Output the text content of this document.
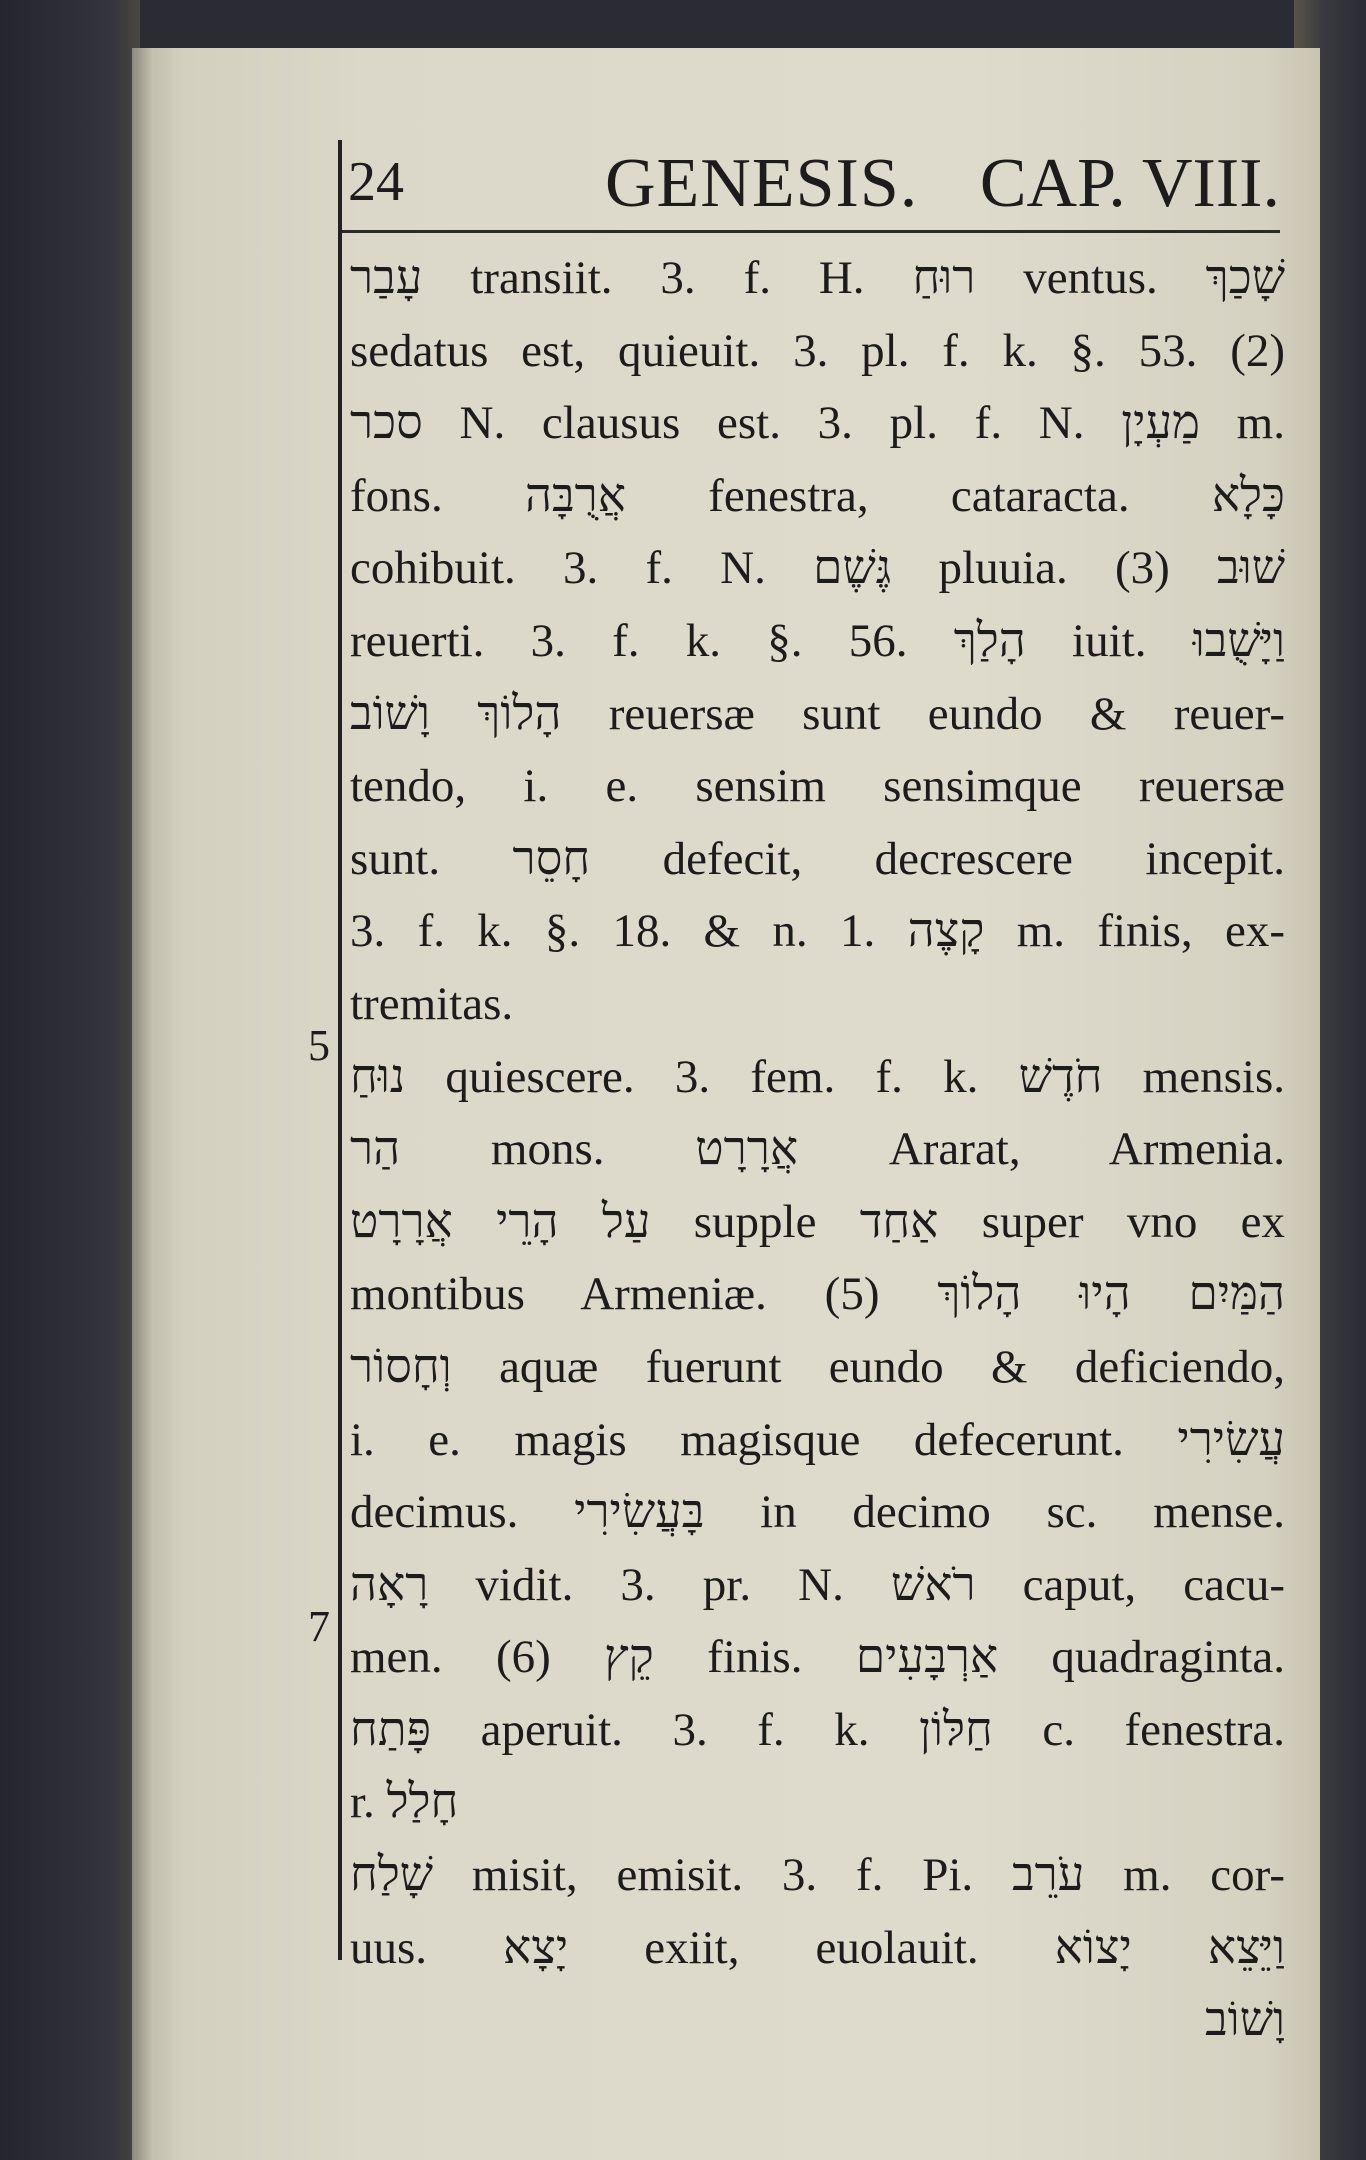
24	GENESIS. CAP. VIII.
5
7
עָבַר transiit. 3. f. H. רוּחַ ventus. שָׁכַךְ
sedatus est, quieuit. 3. pl. f. k. §. 53. (2)
סכר N. clausus est. 3. pl. f. N. מַעְיָן m.
fons. אֲרֻבָּה fenestra, cataracta. כָּלָא
cohibuit. 3. f. N. גֶּשֶׁם pluuia. (3) שׁוּב
reuerti. 3. f. k. §. 56. הָלַךְ iuit. וַיָּשֻׁבוּ
הָלוֹךְ וָשׁוֹב reuersæ sunt eundo & reuer-
tendo, i. e. sensim sensimque reuersæ
sunt. חָסֵר defecit, decrescere incepit.
3. f. k. §. 18. & n. 1. קָצֶה m. finis, ex-
tremitas.
נוּחַ quiescere. 3. fem. f. k. חֹדֶשׁ mensis.
הַר mons. אֲרָרָט Ararat, Armenia.
עַל הָרֵי אֲרָרָט supple אַחַד super vno ex
montibus Armeniæ. (5) הַמַּיִם הָיוּ הָלוֹךְ
וְחָסוֹר aquæ fuerunt eundo & deficiendo,
i. e. magis magisque defecerunt. עֲשִׂירִי
decimus. בָּעֲשִׂירִי in decimo sc. mense.
רָאָה vidit. 3. pr. N. רֹאשׁ caput, cacu-
men. (6) קֵץ finis. אַרְבָּעִים quadraginta.
פָּתַח aperuit. 3. f. k. חַלּוֹן c. fenestra.
r. חָלַל
שָׁלַח misit, emisit. 3. f. Pi. עֹרֵב m. cor-
uus. יָצָא exiit, euolauit. וַיֵּצֵא יָצוֹא
וָשׁוֹב
